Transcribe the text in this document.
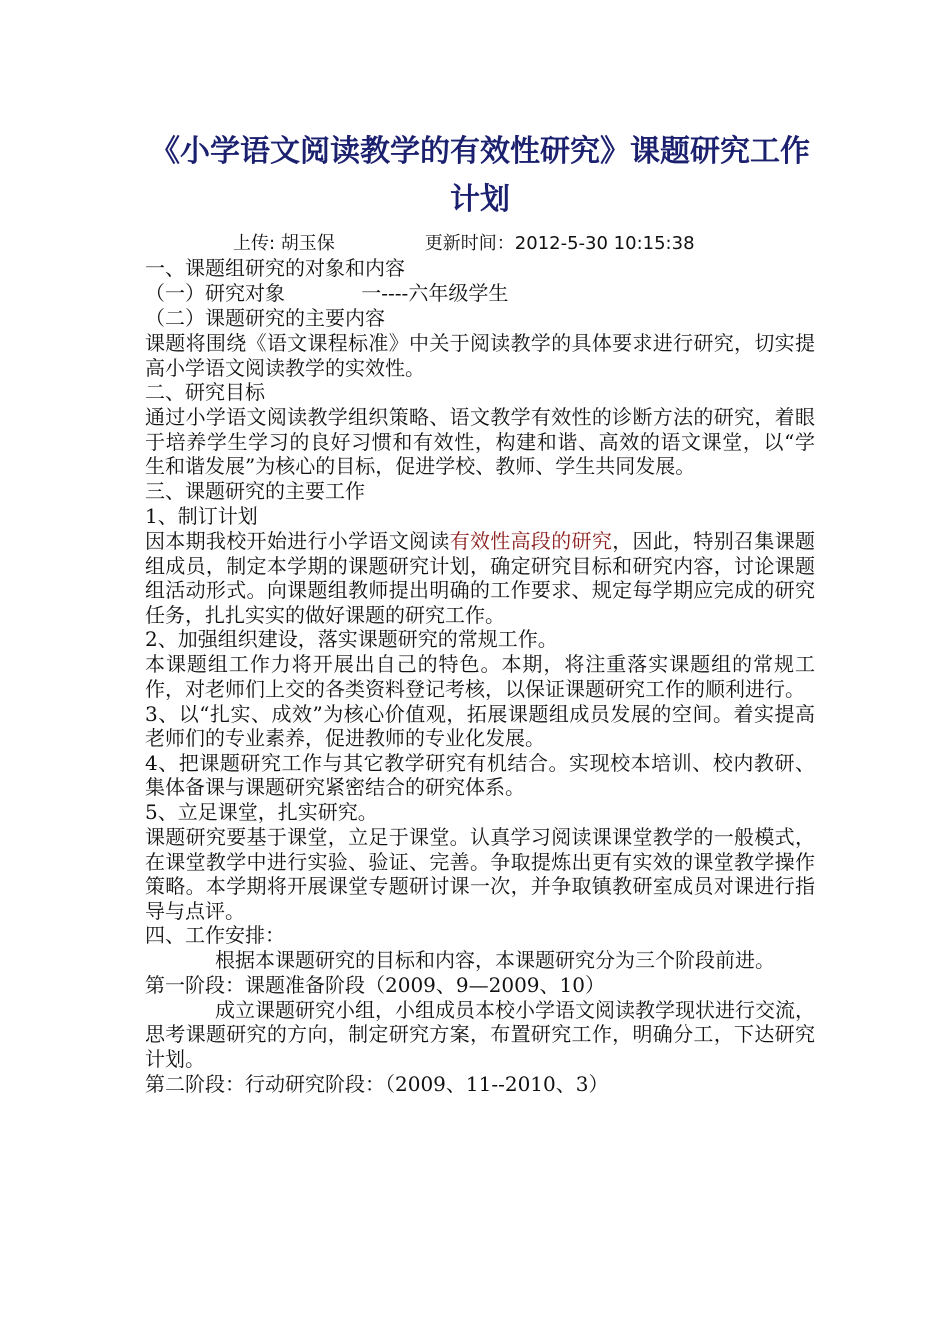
《小学语文阅读教学的有效性研究》课题研究工作计划
上传: 胡玉保	更新时间：2012-5-30 10:15:38

一、课题组研究的对象和内容

（一）研究对象            一----六年级学生

（二）课题研究的主要内容

课题将围绕《语文课程标准》中关于阅读教学的具体要求进行研究，切实提高小学语文阅读教学的实效性。

二、研究目标

通过小学语文阅读教学组织策略、语文教学有效性的诊断方法的研究，着眼于培养学生学习的良好习惯和有效性，构建和谐、高效的语文课堂，以“学生和谐发展”为核心的目标，促进学校、教师、学生共同发展。

三、课题研究的主要工作

1、制订计划

因本期我校开始进行小学语文阅读有效性高段的研究，因此，特别召集课题组成员，制定本学期的课题研究计划，确定研究目标和研究内容，讨论课题组活动形式。向课题组教师提出明确的工作要求、规定每学期应完成的研究任务，扎扎实实的做好课题的研究工作。

2、加强组织建设，落实课题研究的常规工作。

本课题组工作力将开展出自己的特色。本期，将注重落实课题组的常规工作，对老师们上交的各类资料登记考核，以保证课题研究工作的顺利进行。

3、以“扎实、成效”为核心价值观，拓展课题组成员发展的空间。着实提高老师们的专业素养，促进教师的专业化发展。

4、把课题研究工作与其它教学研究有机结合。实现校本培训、校内教研、集体备课与课题研究紧密结合的研究体系。

5、立足课堂，扎实研究。

课题研究要基于课堂，立足于课堂。认真学习阅读课课堂教学的一般模式，在课堂教学中进行实验、验证、完善。争取提炼出更有实效的课堂教学操作策略。本学期将开展课堂专题研讨课一次，并争取镇教研室成员对课进行指导与点评。

四、工作安排：

根据本课题研究的目标和内容，本课题研究分为三个阶段前进。

第一阶段：课题准备阶段（2009、9—2009、10）

成立课题研究小组，小组成员本校小学语文阅读教学现状进行交流，思考课题研究的方向，制定研究方案，布置研究工作，明确分工，下达研究计划。

第二阶段：行动研究阶段：（2009、11--2010、3）
